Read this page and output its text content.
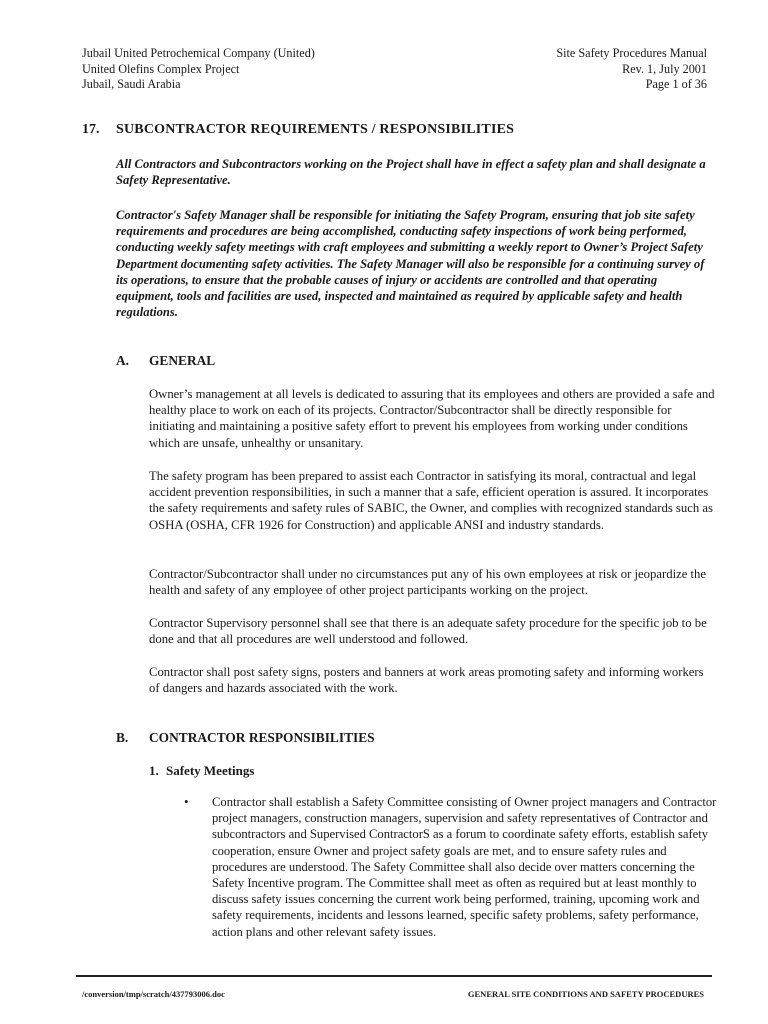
Jubail United Petrochemical Company (United)
United Olefins Complex Project
Jubail, Saudi Arabia
Site Safety Procedures Manual
Rev. 1, July 2001
Page 1 of 36
17. SUBCONTRACTOR REQUIREMENTS / RESPONSIBILITIES

All Contractors and Subcontractors working on the Project shall have in effect a safety plan and shall designate a Safety Representative.

Contractor's Safety Manager shall be responsible for initiating the Safety Program, ensuring that job site safety requirements and procedures are being accomplished, conducting safety inspections of work being performed, conducting weekly safety meetings with craft employees and submitting a weekly report to Owner’s Project Safety Department documenting safety activities. The Safety Manager will also be responsible for a continuing survey of its operations, to ensure that the probable causes of injury or accidents are controlled and that operating equipment, tools and facilities are used, inspected and maintained as required by applicable safety and health regulations.

A. GENERAL

Owner’s management at all levels is dedicated to assuring that its employees and others are provided a safe and healthy place to work on each of its projects. Contractor/Subcontractor shall be directly responsible for initiating and maintaining a positive safety effort to prevent his employees from working under conditions which are unsafe, unhealthy or unsanitary.

The safety program has been prepared to assist each Contractor in satisfying its moral, contractual and legal accident prevention responsibilities, in such a manner that a safe, efficient operation is assured. It incorporates the safety requirements and safety rules of SABIC, the Owner, and complies with recognized standards such as OSHA (OSHA, CFR 1926 for Construction) and applicable ANSI and industry standards.

Contractor/Subcontractor shall under no circumstances put any of his own employees at risk or jeopardize the health and safety of any employee of other project participants working on the project.

Contractor Supervisory personnel shall see that there is an adequate safety procedure for the specific job to be done and that all procedures are well understood and followed.

Contractor shall post safety signs, posters and banners at work areas promoting safety and informing workers of dangers and hazards associated with the work.

B. CONTRACTOR RESPONSIBILITIES
1. Safety Meetings
• Contractor shall establish a Safety Committee consisting of Owner project managers and Contractor project managers, construction managers, supervision and safety representatives of Contractor and subcontractors and Supervised ContractorS as a forum to coordinate safety efforts, establish safety cooperation, ensure Owner and project safety goals are met, and to ensure safety rules and procedures are understood. The Safety Committee shall also decide over matters concerning the Safety Incentive program. The Committee shall meet as often as required but at least monthly to discuss safety issues concerning the current work being performed, training, upcoming work and safety requirements, incidents and lessons learned, specific safety problems, safety performance, action plans and other relevant safety issues.

/conversion/tmp/scratch/437793006.doc	GENERAL SITE CONDITIONS AND SAFETY PROCEDURES
